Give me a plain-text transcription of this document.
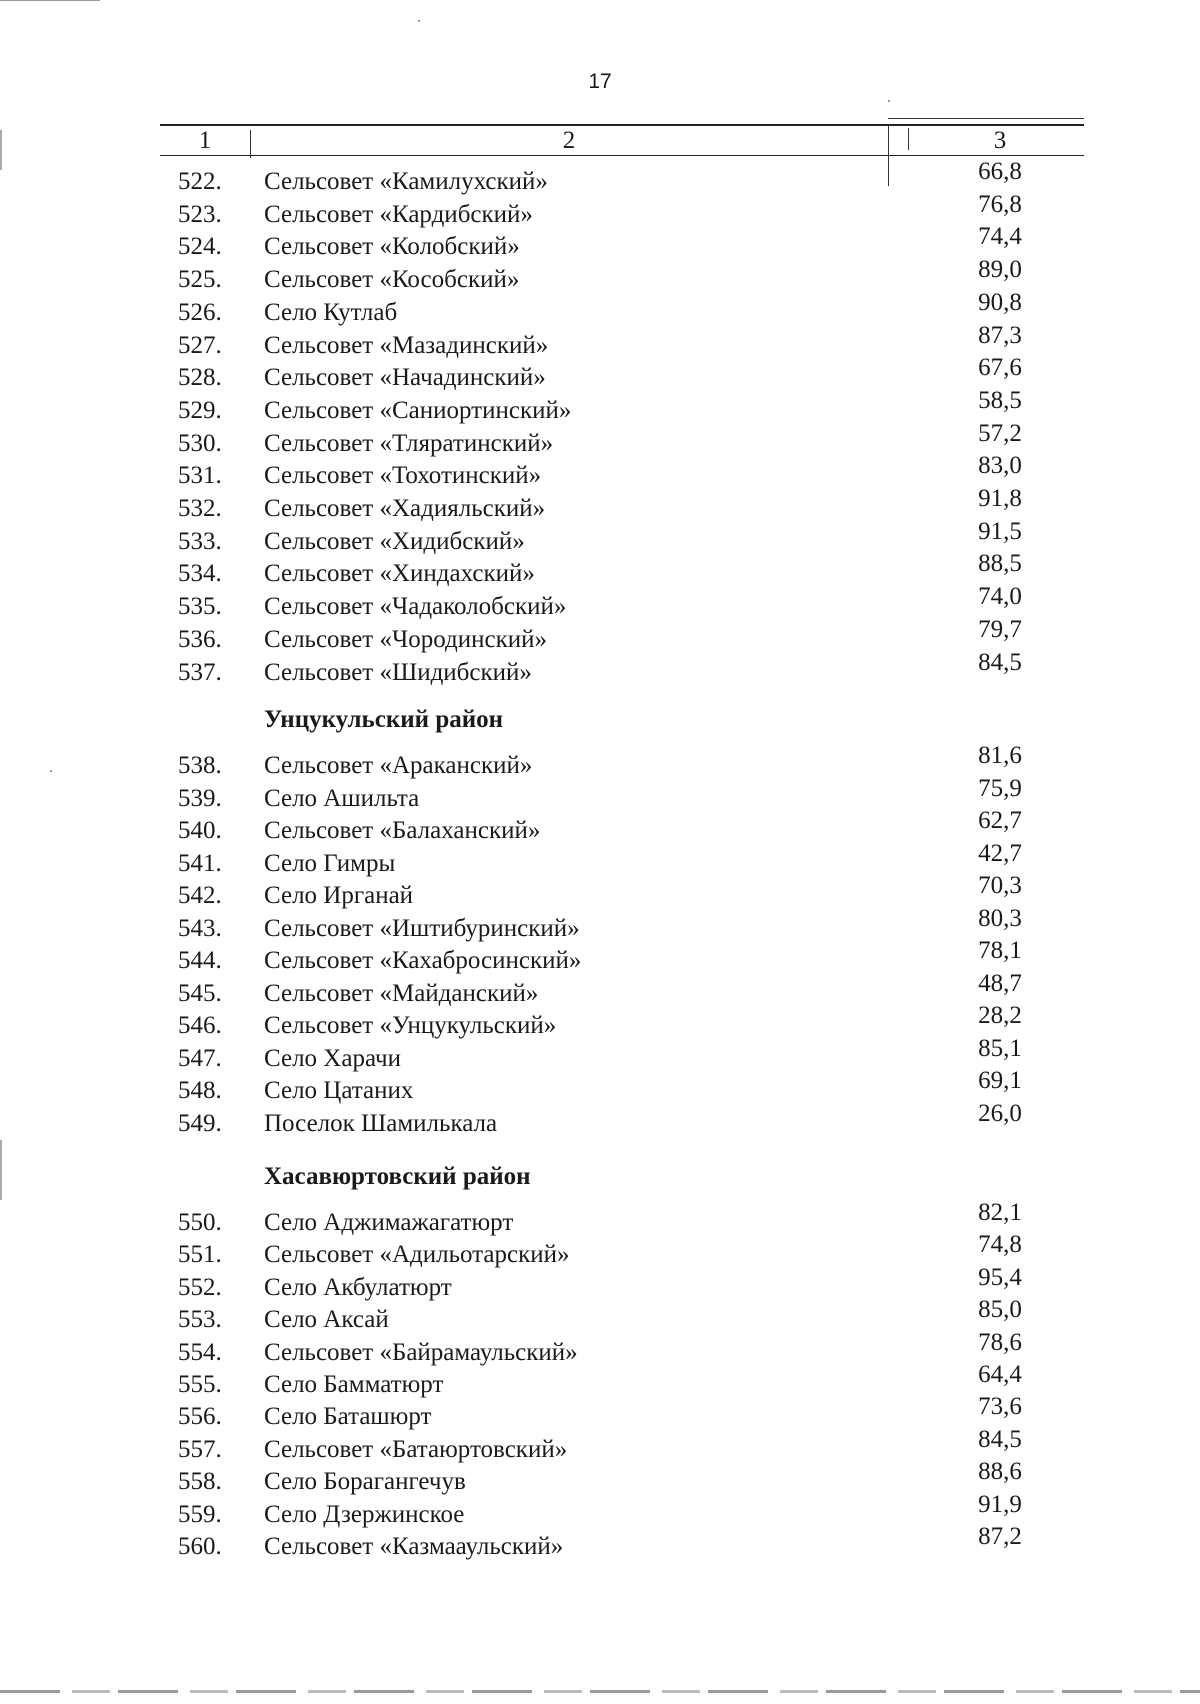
17
1	2	3
522. Сельсовет «Камилухский»	66,8
523. Сельсовет «Кардибский»	76,8
524. Сельсовет «Колобский»	74,4
525. Сельсовет «Кособский»	89,0
526. Село Кутлаб	90,8
527. Сельсовет «Мазадинский»	87,3
528. Сельсовет «Начадинский»	67,6
529. Сельсовет «Саниортинский»	58,5
530. Сельсовет «Тляратинский»	57,2
531. Сельсовет «Тохотинский»	83,0
532. Сельсовет «Хадияльский»	91,8
533. Сельсовет «Хидибский»	91,5
534. Сельсовет «Хиндахский»	88,5
535. Сельсовет «Чадаколобский»	74,0
536. Сельсовет «Чородинский»	79,7
537. Сельсовет «Шидибский»	84,5
Унцукульский район
538. Сельсовет «Араканский»	81,6
539. Село Ашильта	75,9
540. Сельсовет «Балаханский»	62,7
541. Село Гимры	42,7
542. Село Ирганай	70,3
543. Сельсовет «Иштибуринский»	80,3
544. Сельсовет «Кахабросинский»	78,1
545. Сельсовет «Майданский»	48,7
546. Сельсовет «Унцукульский»	28,2
547. Село Харачи	85,1
548. Село Цатаних	69,1
549. Поселок Шамилькала	26,0
Хасавюртовский район
550. Село Аджимажагатюрт	82,1
551. Сельсовет «Адильотарский»	74,8
552. Село Акбулатюрт	95,4
553. Село Аксай	85,0
554. Сельсовет «Байрамаульский»	78,6
555. Село Бамматюрт	64,4
556. Село Баташюрт	73,6
557. Сельсовет «Батаюртовский»	84,5
558. Село Борагангечув	88,6
559. Село Дзержинское	91,9
560. Сельсовет «Казмааульский»	87,2
